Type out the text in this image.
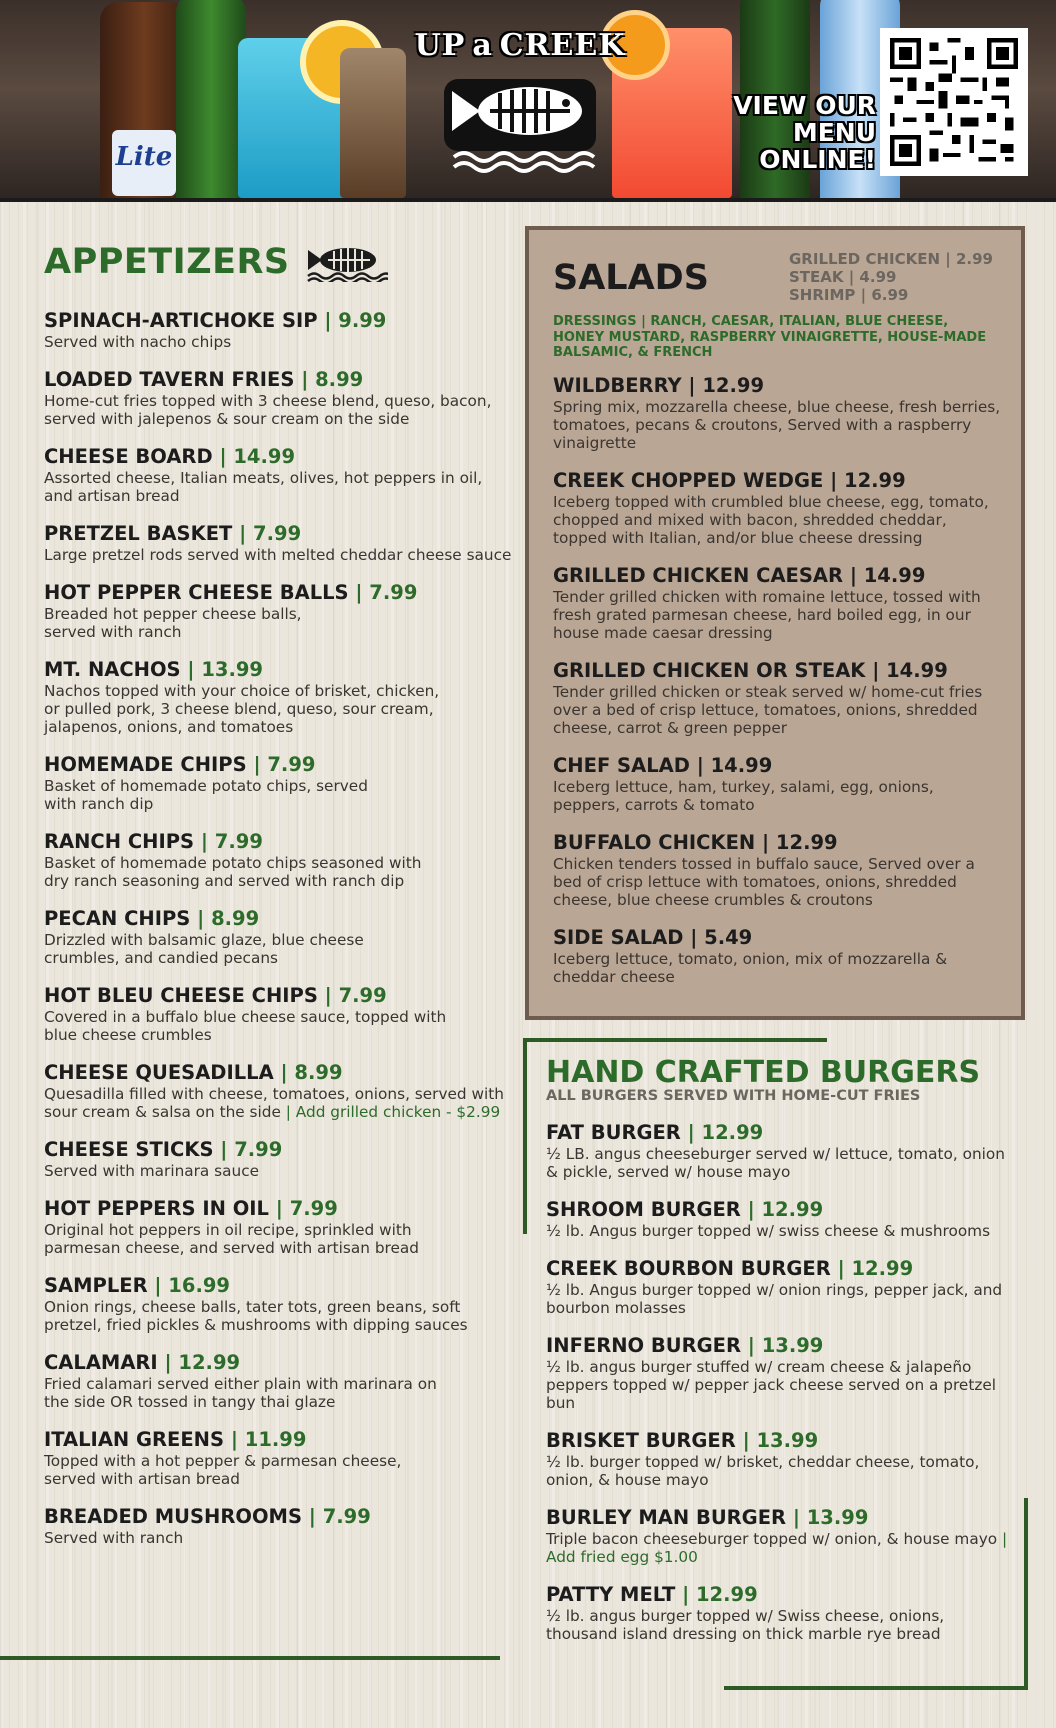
Lite
UP a CREEK
VIEW OUR
MENU
ONLINE!
APPETIZERS
SPINACH-ARTICHOKE SIP | 9.99
Served with nacho chips
LOADED TAVERN FRIES | 8.99
Home-cut fries topped with 3 cheese blend, queso, bacon, served with jalepenos & sour cream on the side
CHEESE BOARD | 14.99
Assorted cheese, Italian meats, olives, hot peppers in oil, and artisan bread
PRETZEL BASKET | 7.99
Large pretzel rods served with melted cheddar cheese sauce
HOT PEPPER CHEESE BALLS | 7.99
Breaded hot pepper cheese balls, served with ranch
MT. NACHOS | 13.99
Nachos topped with your choice of brisket, chicken, or pulled pork, 3 cheese blend, queso, sour cream, jalapenos, onions, and tomatoes
HOMEMADE CHIPS | 7.99
Basket of homemade potato chips, served with ranch dip
RANCH CHIPS | 7.99
Basket of homemade potato chips seasoned with dry ranch seasoning and served with ranch dip
PECAN CHIPS | 8.99
Drizzled with balsamic glaze, blue cheese crumbles, and candied pecans
HOT BLEU CHEESE CHIPS | 7.99
Covered in a buffalo blue cheese sauce, topped with blue cheese crumbles
CHEESE QUESADILLA | 8.99
Quesadilla filled with cheese, tomatoes, onions, served with sour cream & salsa on the side | Add grilled chicken - $2.99
CHEESE STICKS | 7.99
Served with marinara sauce
HOT PEPPERS IN OIL | 7.99
Original hot peppers in oil recipe, sprinkled with parmesan cheese, and served with artisan bread
SAMPLER | 16.99
Onion rings, cheese balls, tater tots, green beans, soft pretzel, fried pickles & mushrooms with dipping sauces
CALAMARI | 12.99
Fried calamari served either plain with marinara on the side OR tossed in tangy thai glaze
ITALIAN GREENS | 11.99
Topped with a hot pepper & parmesan cheese, served with artisan bread
BREADED MUSHROOMS | 7.99
Served with ranch
SALADS	GRILLED CHICKEN | 2.99
STEAK | 4.99
SHRIMP | 6.99
DRESSINGS | RANCH, CAESAR, ITALIAN, BLUE CHEESE, HONEY MUSTARD, RASPBERRY VINAIGRETTE, HOUSE-MADE BALSAMIC, & FRENCH
WILDBERRY | 12.99
Spring mix, mozzarella cheese, blue cheese, fresh berries, tomatoes, pecans & croutons, Served with a raspberry vinaigrette
CREEK CHOPPED WEDGE | 12.99
Iceberg topped with crumbled blue cheese, egg, tomato, chopped and mixed with bacon, shredded cheddar, topped with Italian, and/or blue cheese dressing
GRILLED CHICKEN CAESAR | 14.99
Tender grilled chicken with romaine lettuce, tossed with fresh grated parmesan cheese, hard boiled egg, in our house made caesar dressing
GRILLED CHICKEN OR STEAK | 14.99
Tender grilled chicken or steak served w/ home-cut fries over a bed of crisp lettuce, tomatoes, onions, shredded cheese, carrot & green pepper
CHEF SALAD | 14.99
Iceberg lettuce, ham, turkey, salami, egg, onions, peppers, carrots & tomato
BUFFALO CHICKEN | 12.99
Chicken tenders tossed in buffalo sauce, Served over a bed of crisp lettuce with tomatoes, onions, shredded cheese, blue cheese crumbles & croutons
SIDE SALAD | 5.49
Iceberg lettuce, tomato, onion, mix of mozzarella & cheddar cheese
HAND CRAFTED BURGERS
ALL BURGERS SERVED WITH HOME-CUT FRIES
FAT BURGER | 12.99
½ LB. angus cheeseburger served w/ lettuce, tomato, onion & pickle, served w/ house mayo
SHROOM BURGER | 12.99
½ lb. Angus burger topped w/ swiss cheese & mushrooms
CREEK BOURBON BURGER | 12.99
½ lb. Angus burger topped w/ onion rings, pepper jack, and bourbon molasses
INFERNO BURGER | 13.99
½ lb. angus burger stuffed w/ cream cheese & jalapeño peppers topped w/ pepper jack cheese served on a pretzel bun
BRISKET BURGER | 13.99
½ lb. burger topped w/ brisket, cheddar cheese, tomato, onion, & house mayo
BURLEY MAN BURGER | 13.99
Triple bacon cheeseburger topped w/ onion, & house mayo | Add fried egg $1.00
PATTY MELT | 12.99
½ lb. angus burger topped w/ Swiss cheese, onions, thousand island dressing on thick marble rye bread
